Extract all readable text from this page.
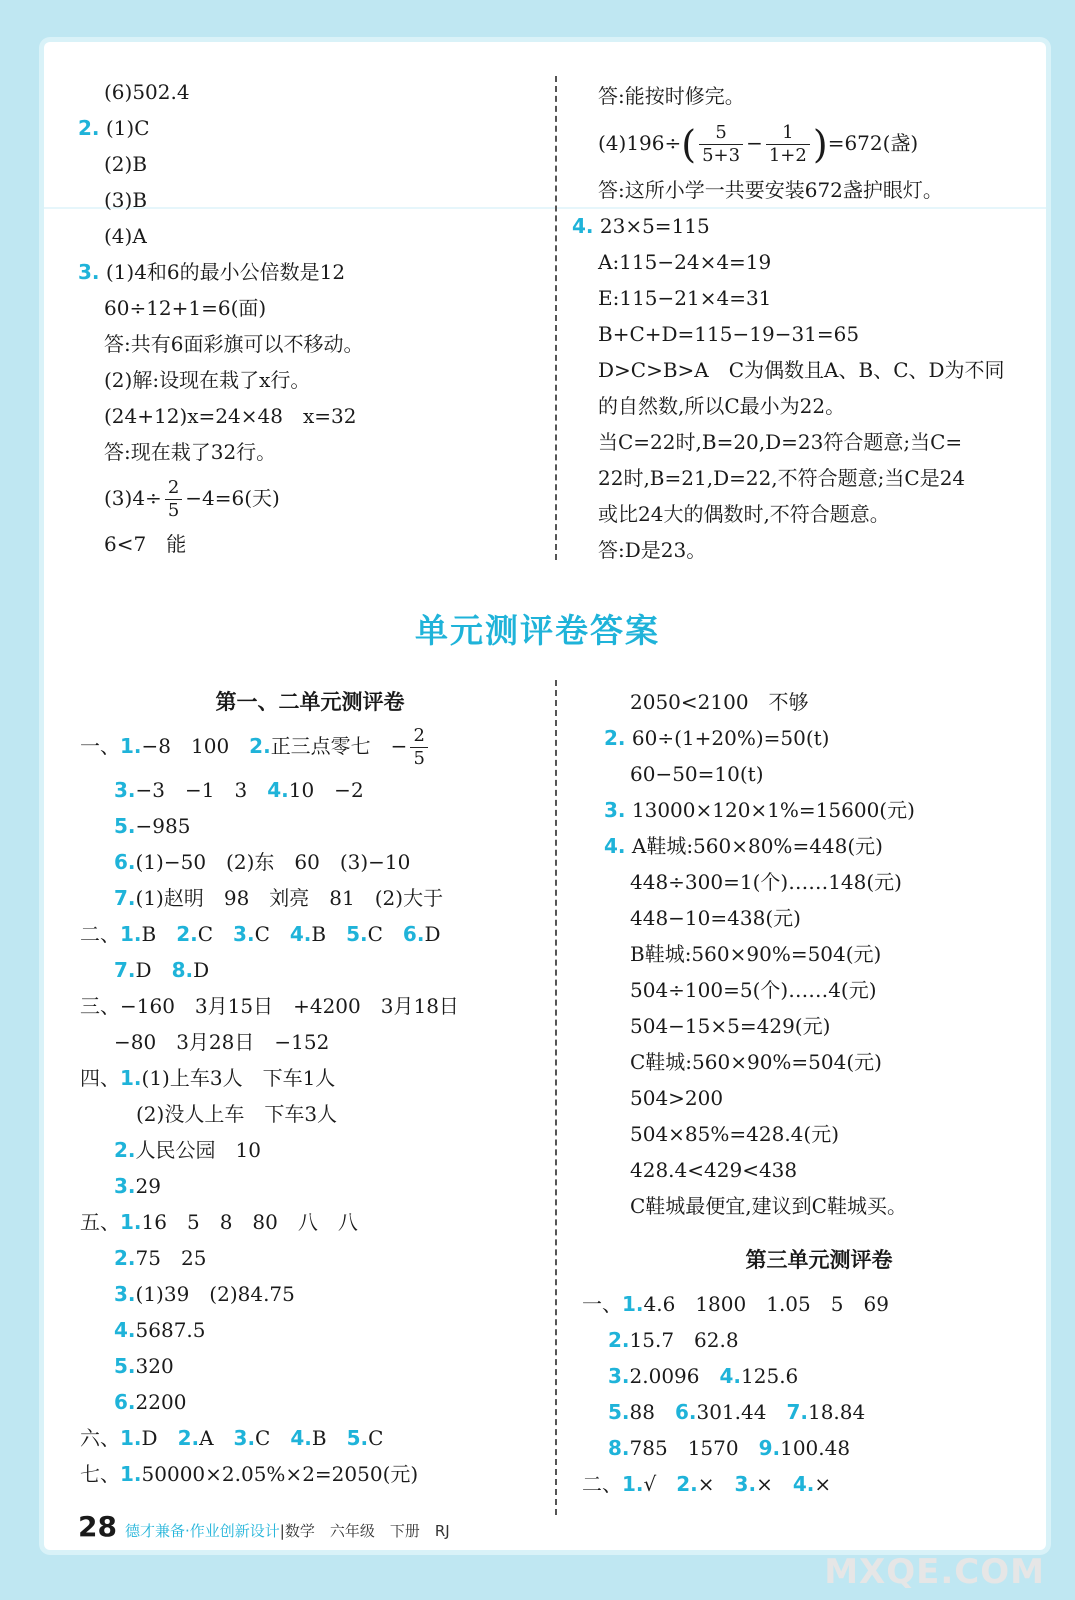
(6)502.4
2. (1)C
(2)B
(3)B
(4)A
3. (1)4和6的最小公倍数是12
60÷12+1=6(面)
答:共有6面彩旗可以不移动。
(2)解:设现在栽了x行。
(24+12)x=24×48　x=32
答:现在栽了32行。
$(3)4\div \frac{2}{5} -4=6$(天)
6<7　能
答:能按时修完。
$(4)196\div( \frac{5}{5+3} - \frac{1}{1+2} )=672$(盏)
答:这所小学一共要安装672盏护眼灯。
4. 23×5=115
A:115−24×4=19
E:115−21×4=31
B+C+D=115−19−31=65
D>C>B>A　C为偶数且A、B、C、D为不同
的自然数,所以C最小为22。
当C=22时,B=20,D=23符合题意;当C=
22时,B=21,D=22,不符合题意;当C是24
或比24大的偶数时,不符合题意。
答:D是23。
单元测评卷答案
第一、二单元测评卷
一、1.−8　100　 2.正三点零七　− $\frac{2}{5}$
3.−3　−1　3　 4.10　−2
5.−985
6.(1)−50　(2)东　60　(3)−10
7.(1)赵明　98　刘亮　81　(2)大于
二、1.B　 2.C　 3.C　 4.B　 5.C　 6.D
7.D　 8.D
三、−160　3月15日　+4200　3月18日
−80　3月28日　−152
四、1.(1)上车3人　下车1人
(2)没人上车　下车3人
2.人民公园　10
3.29
五、1.16　5　8　80　八　八
2.75　25
3.(1)39　(2)84.75
4.5687.5
5.320
6.2200
六、1.D　 2.A　 3.C　 4.B　 5.C
七、1.50000×2.05%×2=2050(元)
2050<2100　不够
2. 60÷(1+20%)=50(t)
60−50=10(t)
3. 13000×120×1%=15600(元)
4. A鞋城:560×80%=448(元)
448÷300=1(个)……148(元)
448−10=438(元)
B鞋城:560×90%=504(元)
504÷100=5(个)……4(元)
504−15×5=429(元)
C鞋城:560×90%=504(元)
504>200
504×85%=428.4(元)
428.4<429<438
C鞋城最便宜,建议到C鞋城买。
第三单元测评卷
一、1.4.6　1800　1.05　5　69
2.15.7　62.8
3.2.0096　 4.125.6
5.88　 6.301.44　 7.18.84
8.785　1570　 9.100.48
二、1.√　 2.×　 3.×　 4.×
28 德才兼备·作业创新设计|数学　六年级　下册　RJ
MXQE.COM
